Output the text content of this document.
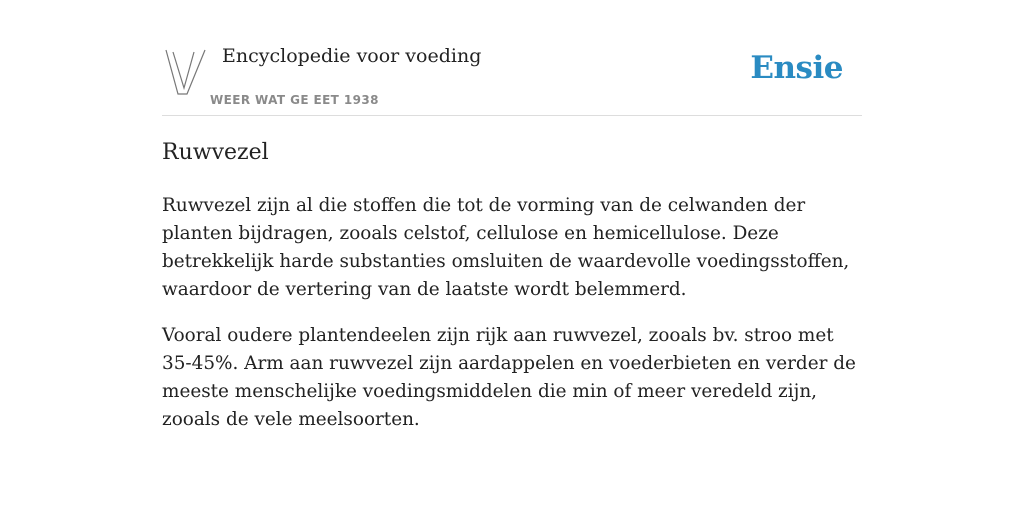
Encyclopedie voor voeding
WEER WAT GE EET 1938
Ensie
Ruwvezel

Ruwvezel zijn al die stoffen die tot de vorming van de celwanden der planten bijdragen, zooals celstof, cellulose en hemicellulose. Deze betrekkelijk harde substanties omsluiten de waardevolle voedingsstoffen, waardoor de vertering van de laatste wordt belemmerd.

Vooral oudere plantendeelen zijn rijk aan ruwvezel, zooals bv. stroo met 35-45%. Arm aan ruwvezel zijn aardappelen en voederbieten en verder de meeste menschelijke voedingsmiddelen die min of meer veredeld zijn, zooals de vele meelsoorten.
